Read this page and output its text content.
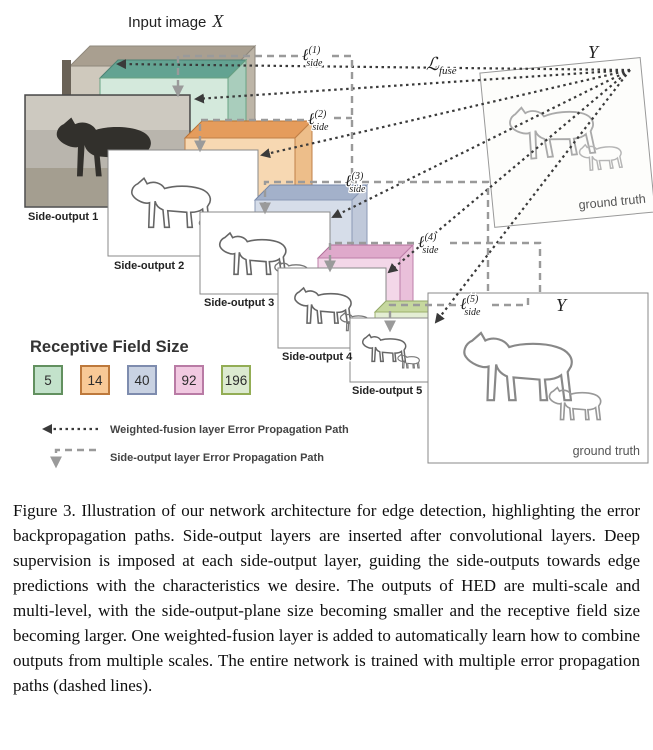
ground truth
ground truth
Input image X
ℒ$_{fuse}$
Y
Y
ℓ$^{(1)}$ side
ℓ$^{(2)}$ side
ℓ$^{(3)}$ side
ℓ$^{(4)}$ side
ℓ$^{(5)}$ side
Side-output 1
Side-output 2
Side-output 3
Side-output 4
Side-output 5
Receptive Field Size
5	14 40 92 196
Weighted-fusion layer Error Propagation Path
Side-output layer Error Propagation Path
Figure 3. Illustration of our network architecture for edge detection, highlighting the error backpropagation paths. Side-output layers are inserted after convolutional layers. Deep supervision is imposed at each side-output layer, guiding the side-outputs towards edge predictions with the characteristics we desire. The outputs of HED are multi-scale and multi-level, with the side-output-plane size becoming smaller and the receptive field size becoming larger. One weighted-fusion layer is added to automatically learn how to combine outputs from multiple scales. The entire network is trained with multiple error propagation paths (dashed lines).
